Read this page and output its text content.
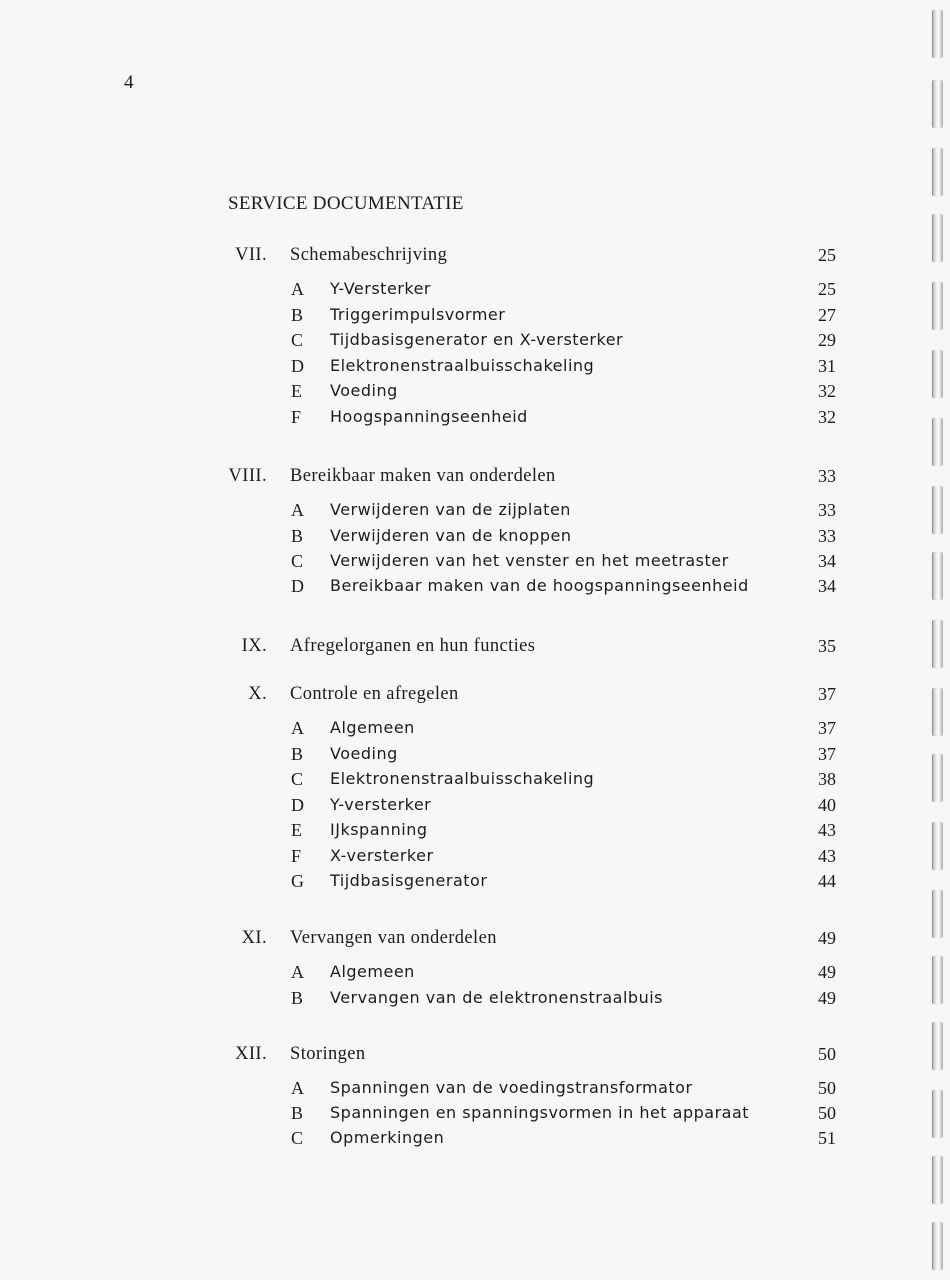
4
SERVICE DOCUMENTATIE
VII. Schemabeschrijving	25
A Y-Versterker	25
B Triggerimpulsvormer	27
C Tijdbasisgenerator en X-versterker	29
D Elektronenstraalbuisschakeling	31
E Voeding	32
F Hoogspanningseenheid	32
VIII. Bereikbaar maken van onderdelen	33
A Verwijderen van de zijplaten	33
B Verwijderen van de knoppen	33
C Verwijderen van het venster en het meetraster	34
D Bereikbaar maken van de hoogspanningseenheid	34
IX. Afregelorganen en hun functies	35
X. Controle en afregelen	37
A Algemeen	37
B Voeding	37
C Elektronenstraalbuisschakeling	38
D Y-versterker	40
E IJkspanning	43
F X-versterker	43
G Tijdbasisgenerator	44
XI. Vervangen van onderdelen	49
A Algemeen	49
B Vervangen van de elektronenstraalbuis	49
XII. Storingen	50
A Spanningen van de voedingstransformator	50
B Spanningen en spanningsvormen in het apparaat	50
C Opmerkingen	51
